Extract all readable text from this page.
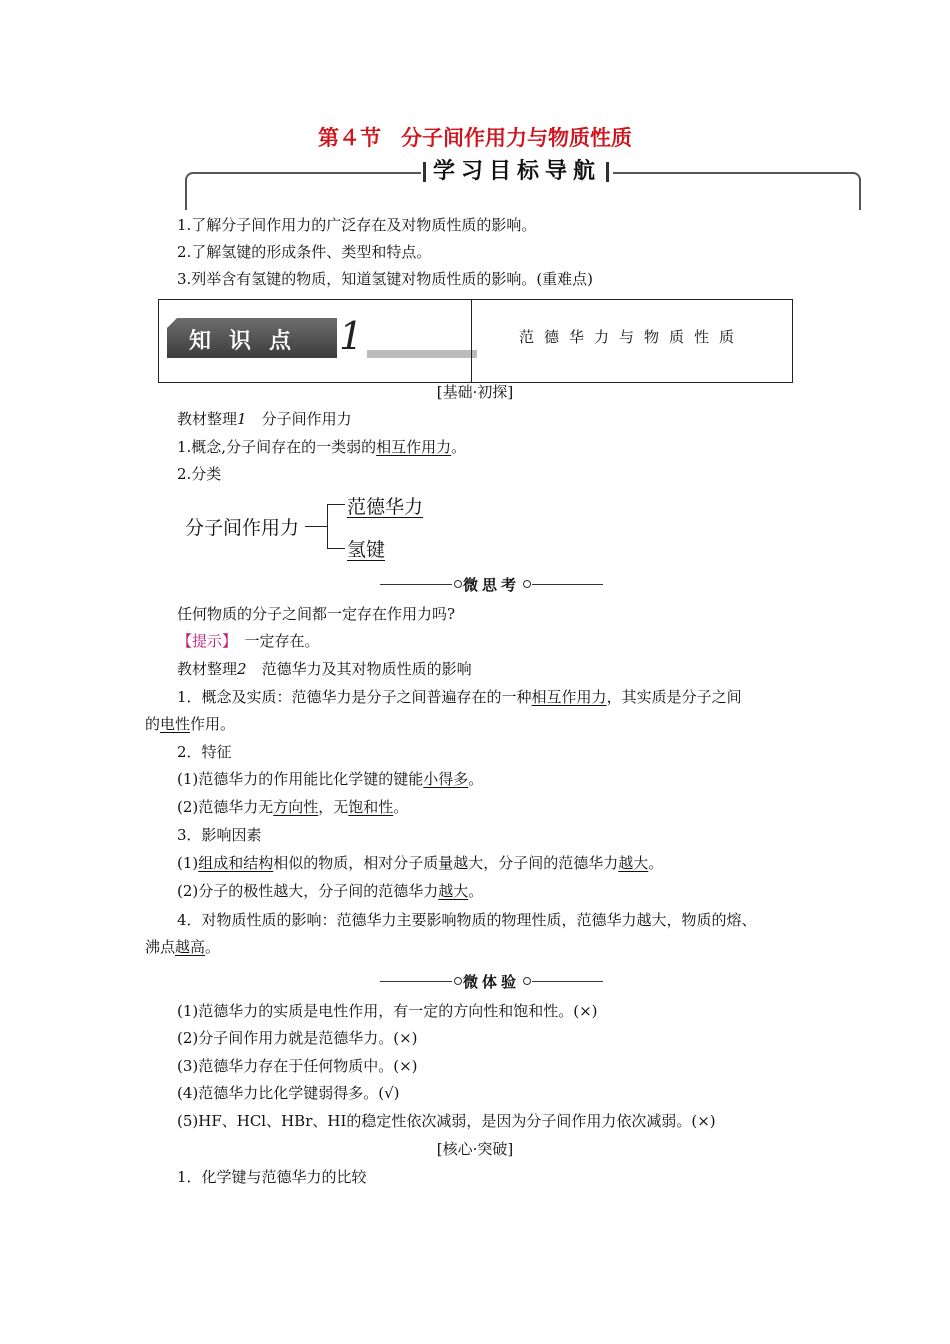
第４节 分子间作用力与物质性质
学习目标导航
1.了解分子间作用力的广泛存在及对物质性质的影响。
2.了解氢键的形成条件、类型和特点。
3.列举含有氢键的物质，知道氢键对物质性质的影响。(重难点)
知识点 1	范德华力与物质性质
[基础·初探]
教材整理1　分子间作用力
1.概念,分子间存在的一类弱的相互作用力。
2.分类
分子间作用力
范德华力
氢键
微思考
任何物质的分子之间都一定存在作用力吗?
【提示】　一定存在。
教材整理2　范德华力及其对物质性质的影响
1．概念及实质：范德华力是分子之间普遍存在的一种相互作用力，其实质是分子之间
的电性作用。
2．特征
(1)范德华力的作用能比化学键的键能小得多。
(2)范德华力无方向性，无饱和性。
3．影响因素
(1)组成和结构相似的物质，相对分子质量越大，分子间的范德华力越大。
(2)分子的极性越大，分子间的范德华力越大。
4．对物质性质的影响：范德华力主要影响物质的物理性质，范德华力越大，物质的熔、
沸点越高。
微体验
(1)范德华力的实质是电性作用，有一定的方向性和饱和性。(×)
(2)分子间作用力就是范德华力。(×)
(3)范德华力存在于任何物质中。(×)
(4)范德华力比化学键弱得多。(√)
(5)HF、HCl、HBr、HI的稳定性依次减弱，是因为分子间作用力依次减弱。(×)
[核心·突破]
1．化学键与范德华力的比较
